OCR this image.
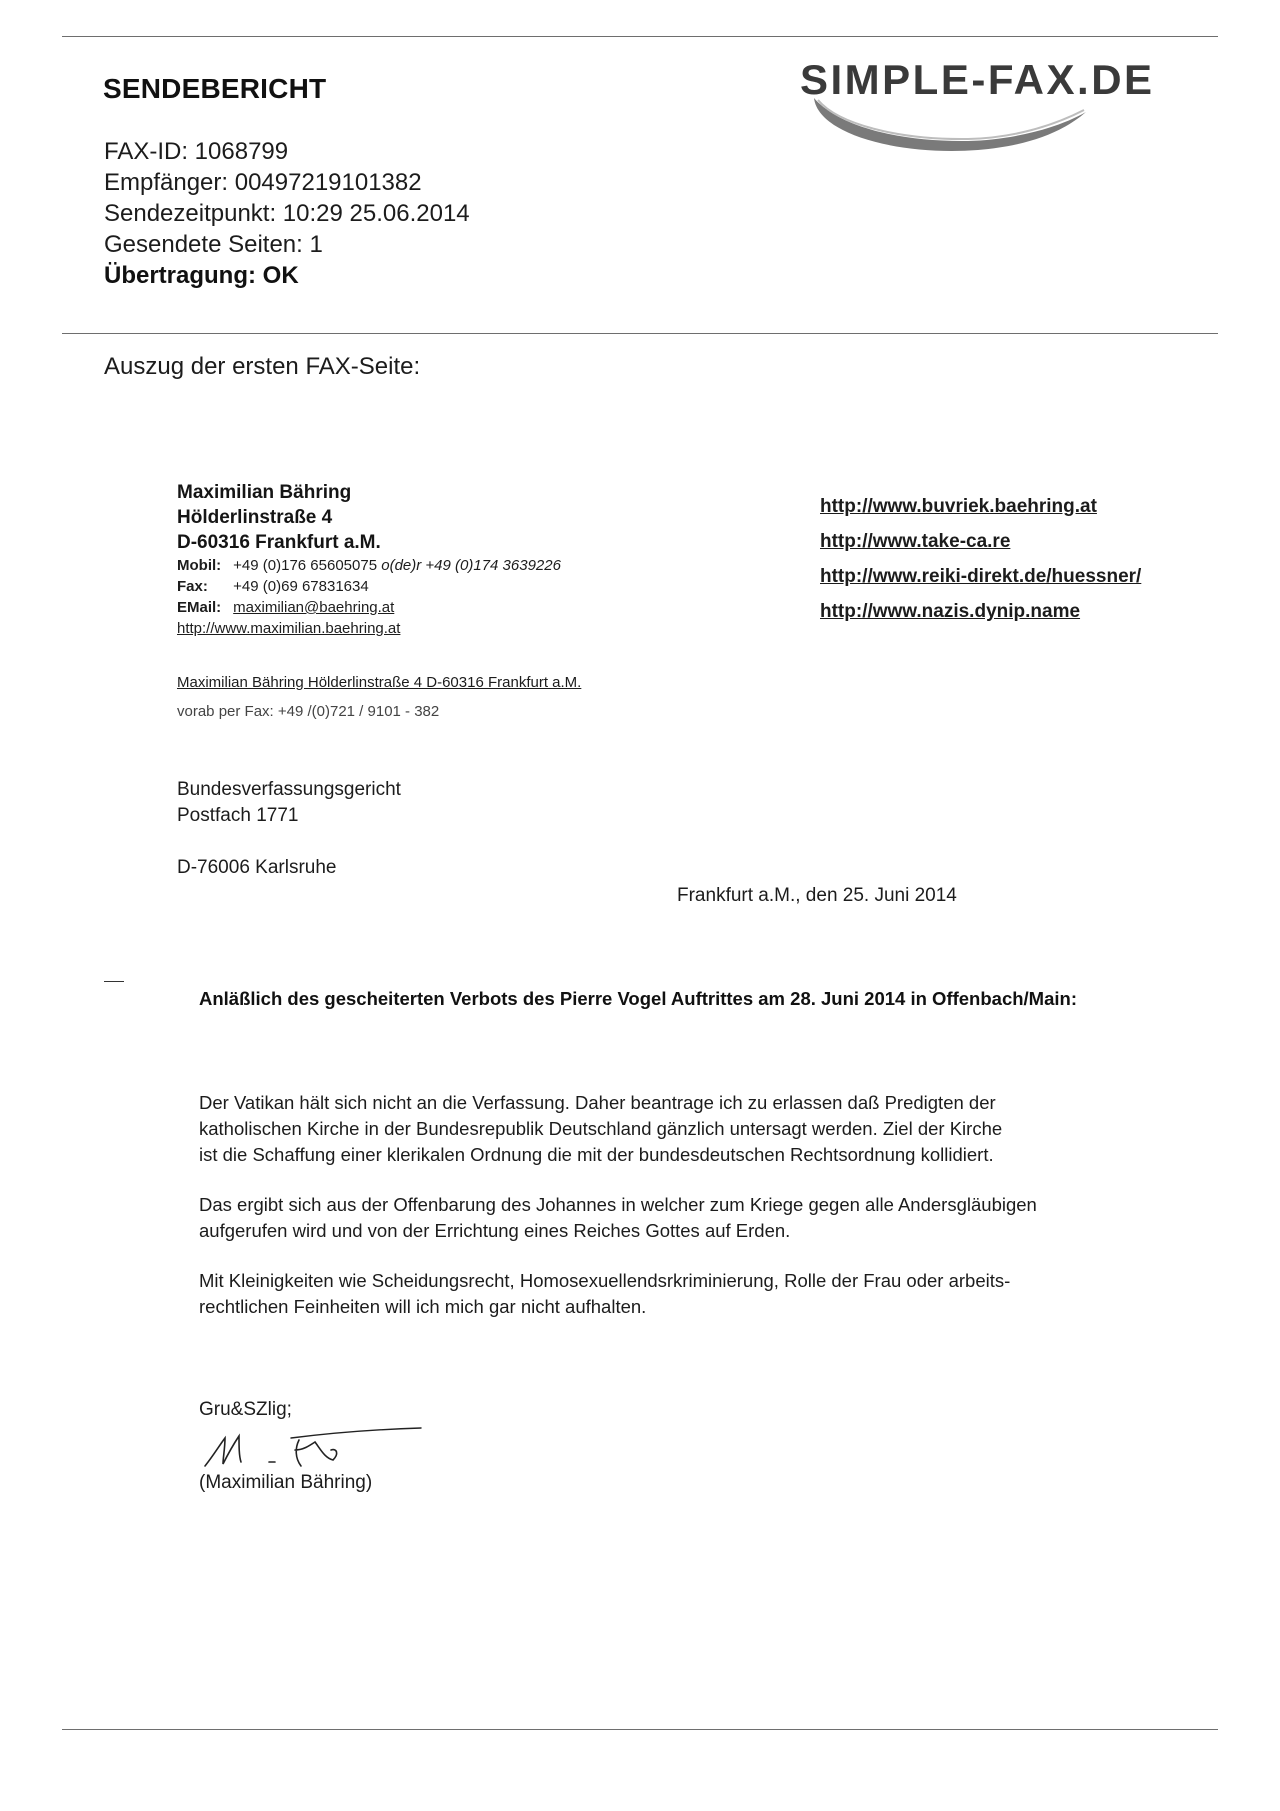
SENDEBERICHT	SIMPLE-FAX.DE
FAX-ID: 1068799
Empfänger: 00497219101382
Sendezeitpunkt: 10:29 25.06.2014
Gesendete Seiten: 1
Übertragung: OK
Auszug der ersten FAX-Seite:
Maximilian Bähring
Hölderlinstraße 4
D-60316 Frankfurt a.M.
Mobil: +49 (0)176 65605075 o(de)r +49 (0)174 3639226
Fax: +49 (0)69 67831634
EMail: maximilian@baehring.at
http://www.maximilian.baehring.at
http://www.buvriek.baehring.at
http://www.take-ca.re
http://www.reiki-direkt.de/huessner/
http://www.nazis.dynip.name
Maximilian Bähring Hölderlinstraße 4 D-60316 Frankfurt a.M.
vorab per Fax: +49 /(0)721 / 9101 - 382
Bundesverfassungsgericht
Postfach 1771
D-76006 Karlsruhe
Frankfurt a.M., den 25. Juni 2014
Anläßlich des gescheiterten Verbots des Pierre Vogel Auftrittes am 28. Juni 2014 in Offenbach/Main:

Der Vatikan hält sich nicht an die Verfassung. Daher beantrage ich zu erlassen daß Predigten der
katholischen Kirche in der Bundesrepublik Deutschland gänzlich untersagt werden. Ziel der Kirche
ist die Schaffung einer klerikalen Ordnung die mit der bundesdeutschen Rechtsordnung kollidiert.

Das ergibt sich aus der Offenbarung des Johannes in welcher zum Kriege gegen alle Andersgläubigen
aufgerufen wird und von der Errichtung eines Reiches Gottes auf Erden.

Mit Kleinigkeiten wie Scheidungsrecht, Homosexuellendsrkriminierung, Rolle der Frau oder arbeits-
rechtlichen Feinheiten will ich mich gar nicht aufhalten.

Gru&SZlig;
(Maximilian Bähring)
